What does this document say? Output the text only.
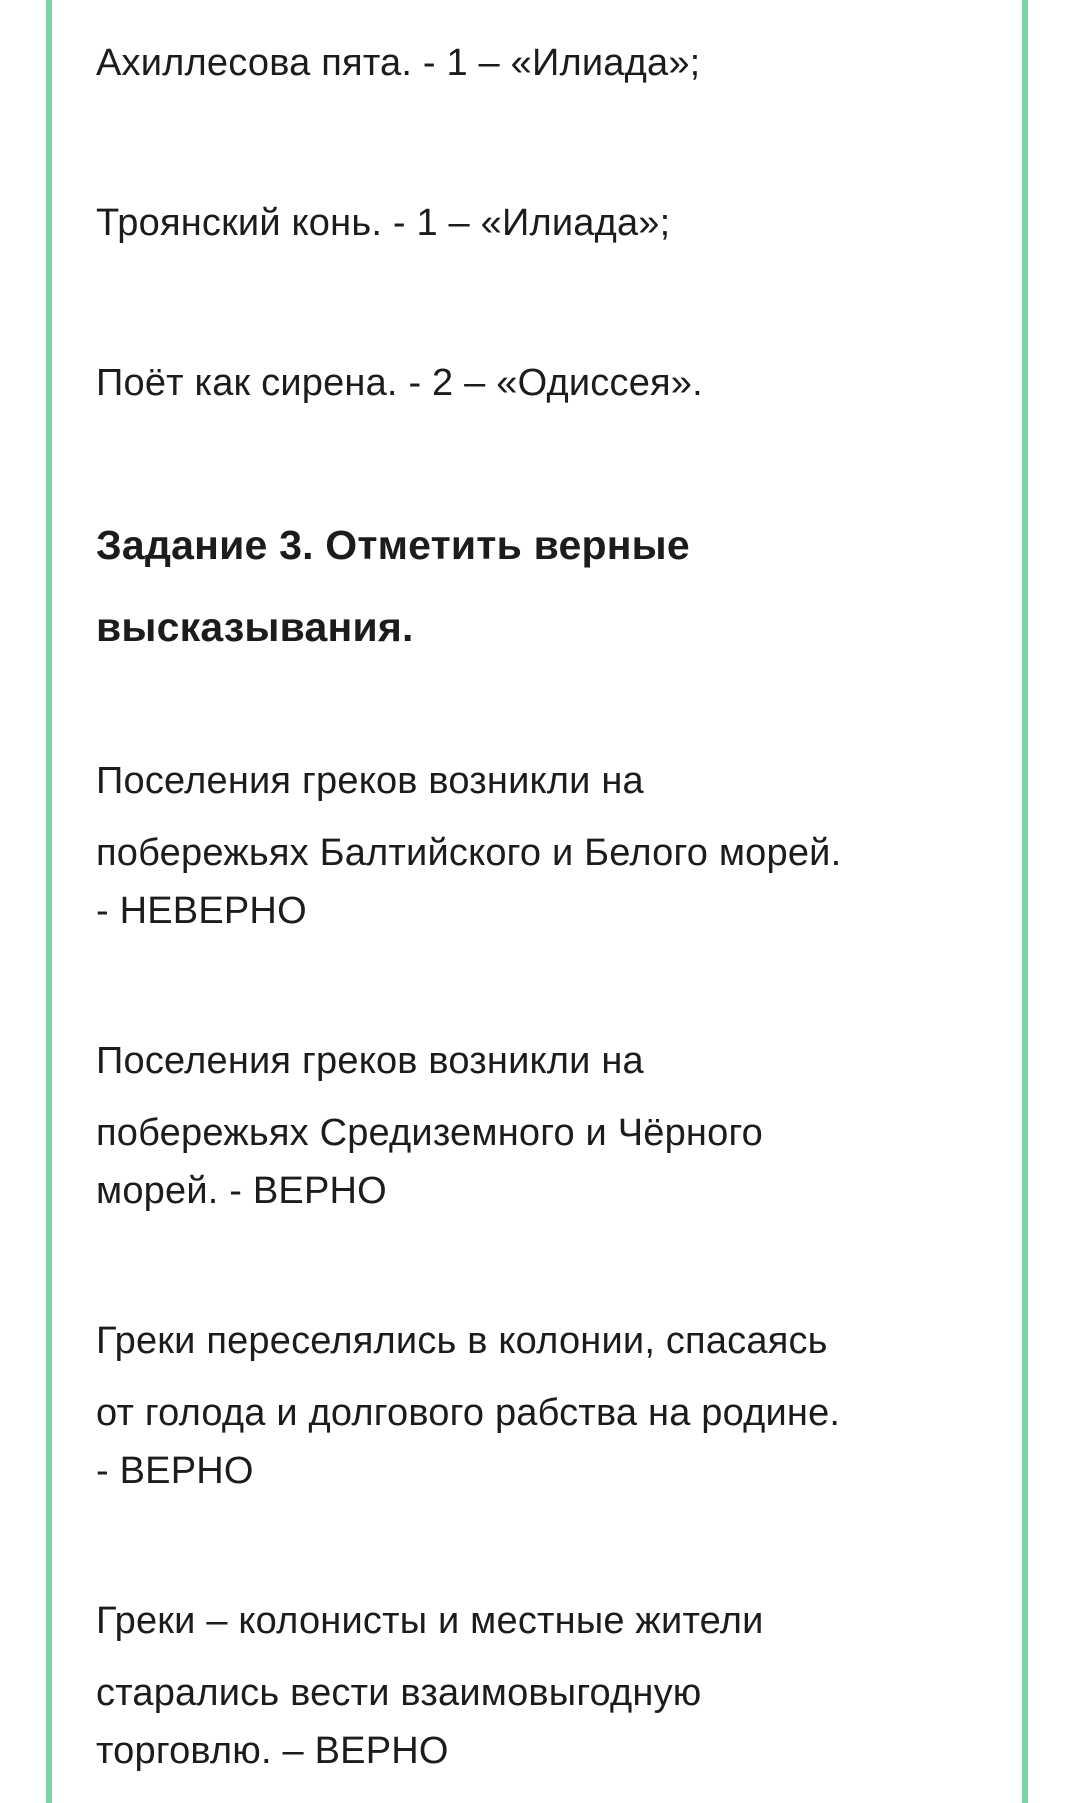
Ахиллесова пята. - 1 – «Илиада»;
Троянский конь. - 1 – «Илиада»;
Поёт как сирена. - 2 – «Одиссея».
Задание 3. Отметить верные
высказывания.
Поселения греков возникли на
побережьях Балтийского и Белого морей.
- НЕВЕРНО
Поселения греков возникли на
побережьях Средиземного и Чёрного
морей. - ВЕРНО
Греки переселялись в колонии, спасаясь
от голода и долгового рабства на родине.
- ВЕРНО
Греки – колонисты и местные жители
старались вести взаимовыгодную
торговлю. – ВЕРНО
